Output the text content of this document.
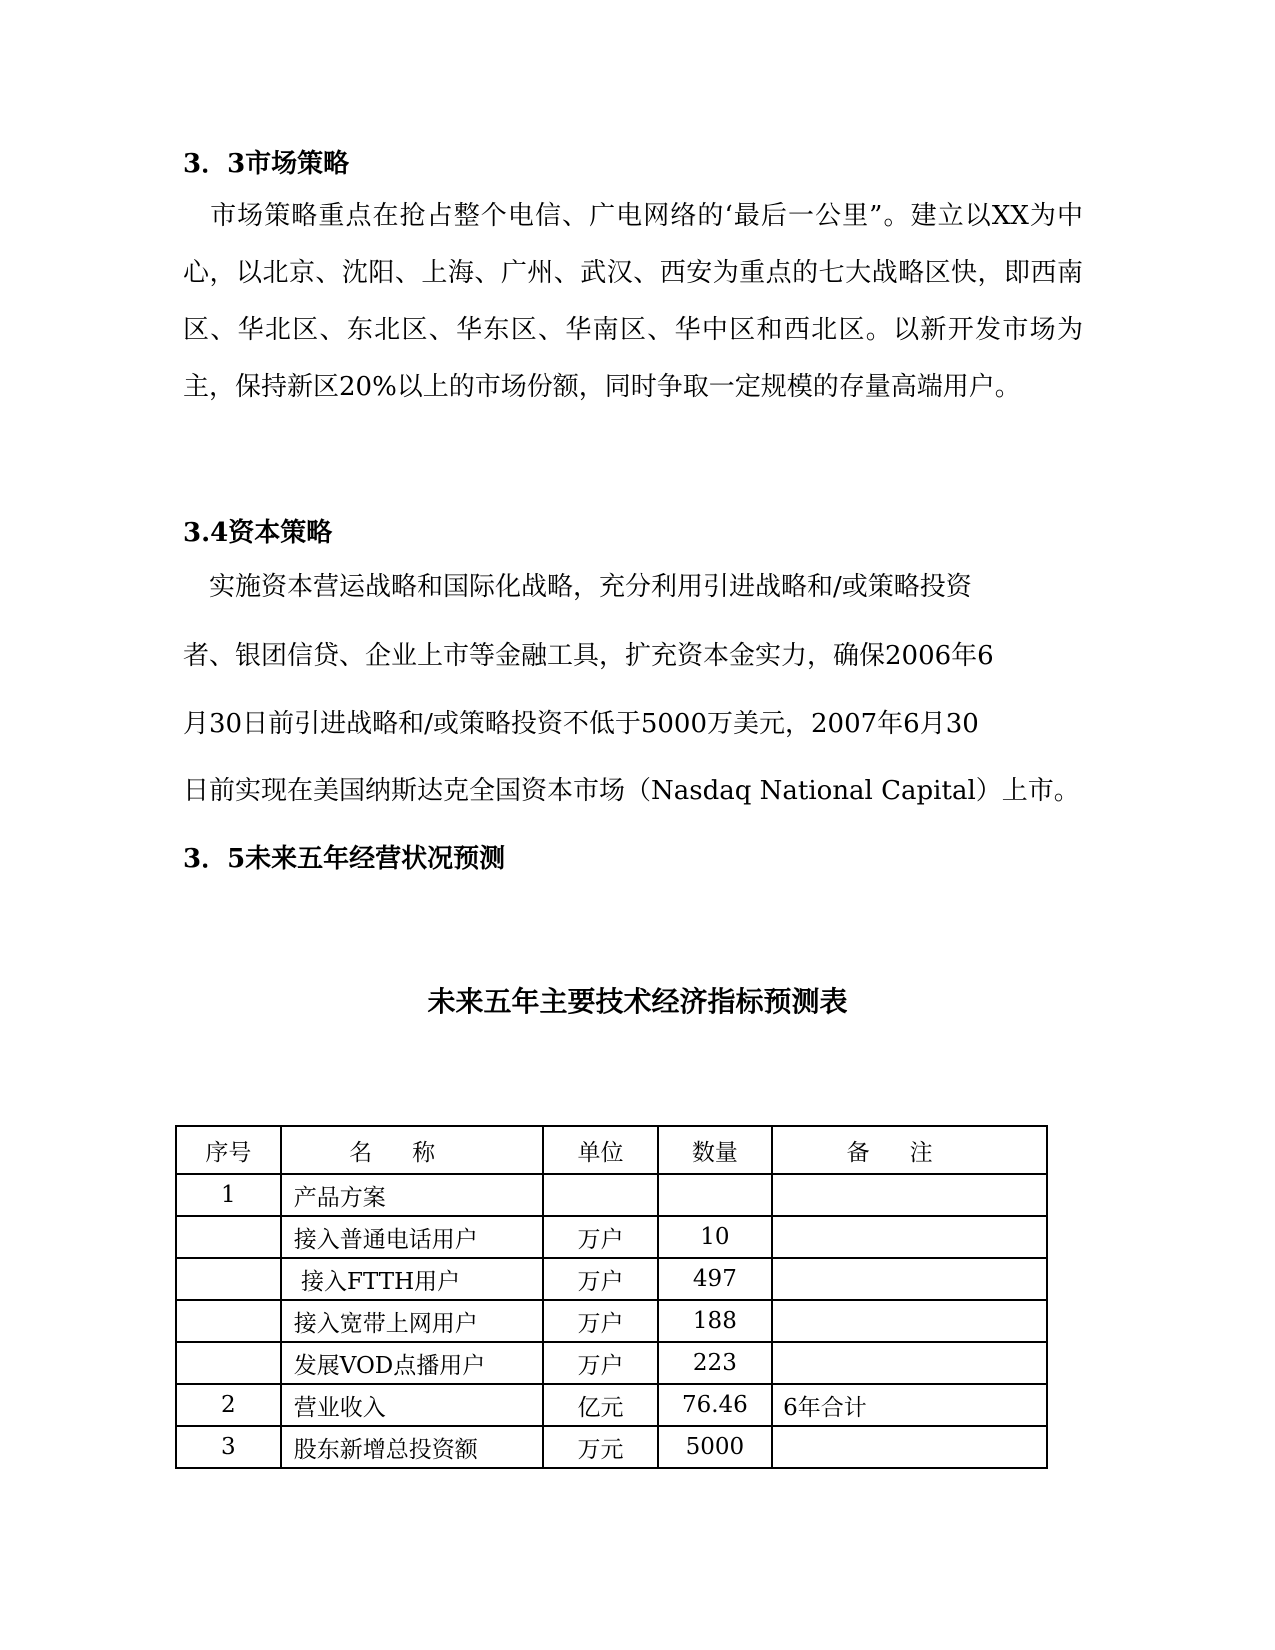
3．3市场策略
　市场策略重点在抢占整个电信、广电网络的‘最后一公里”。建立以XX为中心，以北京、沈阳、上海、广州、武汉、西安为重点的七大战略区快，即西南区、华北区、东北区、华东区、华南区、华中区和西北区。以新开发市场为主，保持新区20%以上的市场份额，同时争取一定规模的存量高端用户。
3.4资本策略
　实施资本营运战略和国际化战略，充分利用引进战略和/或策略投资
者、银团信贷、企业上市等金融工具，扩充资本金实力，确保2006年6
月30日前引进战略和/或策略投资不低于5000万美元，2007年6月30
日前实现在美国纳斯达克全国资本市场（Nasdaq National Capital）上市。
3．5未来五年经营状况预测
未来五年主要技术经济指标预测表
序号	名称	单位	数量	备注
1	产品方案			
	接入普通电话用户	万户	10	
	接入FTTH用户	万户	497	
	接入宽带上网用户	万户	188	
	发展VOD点播用户	万户	223	
2	营业收入	亿元	76.46	6年合计
3	股东新增总投资额	万元	5000	
